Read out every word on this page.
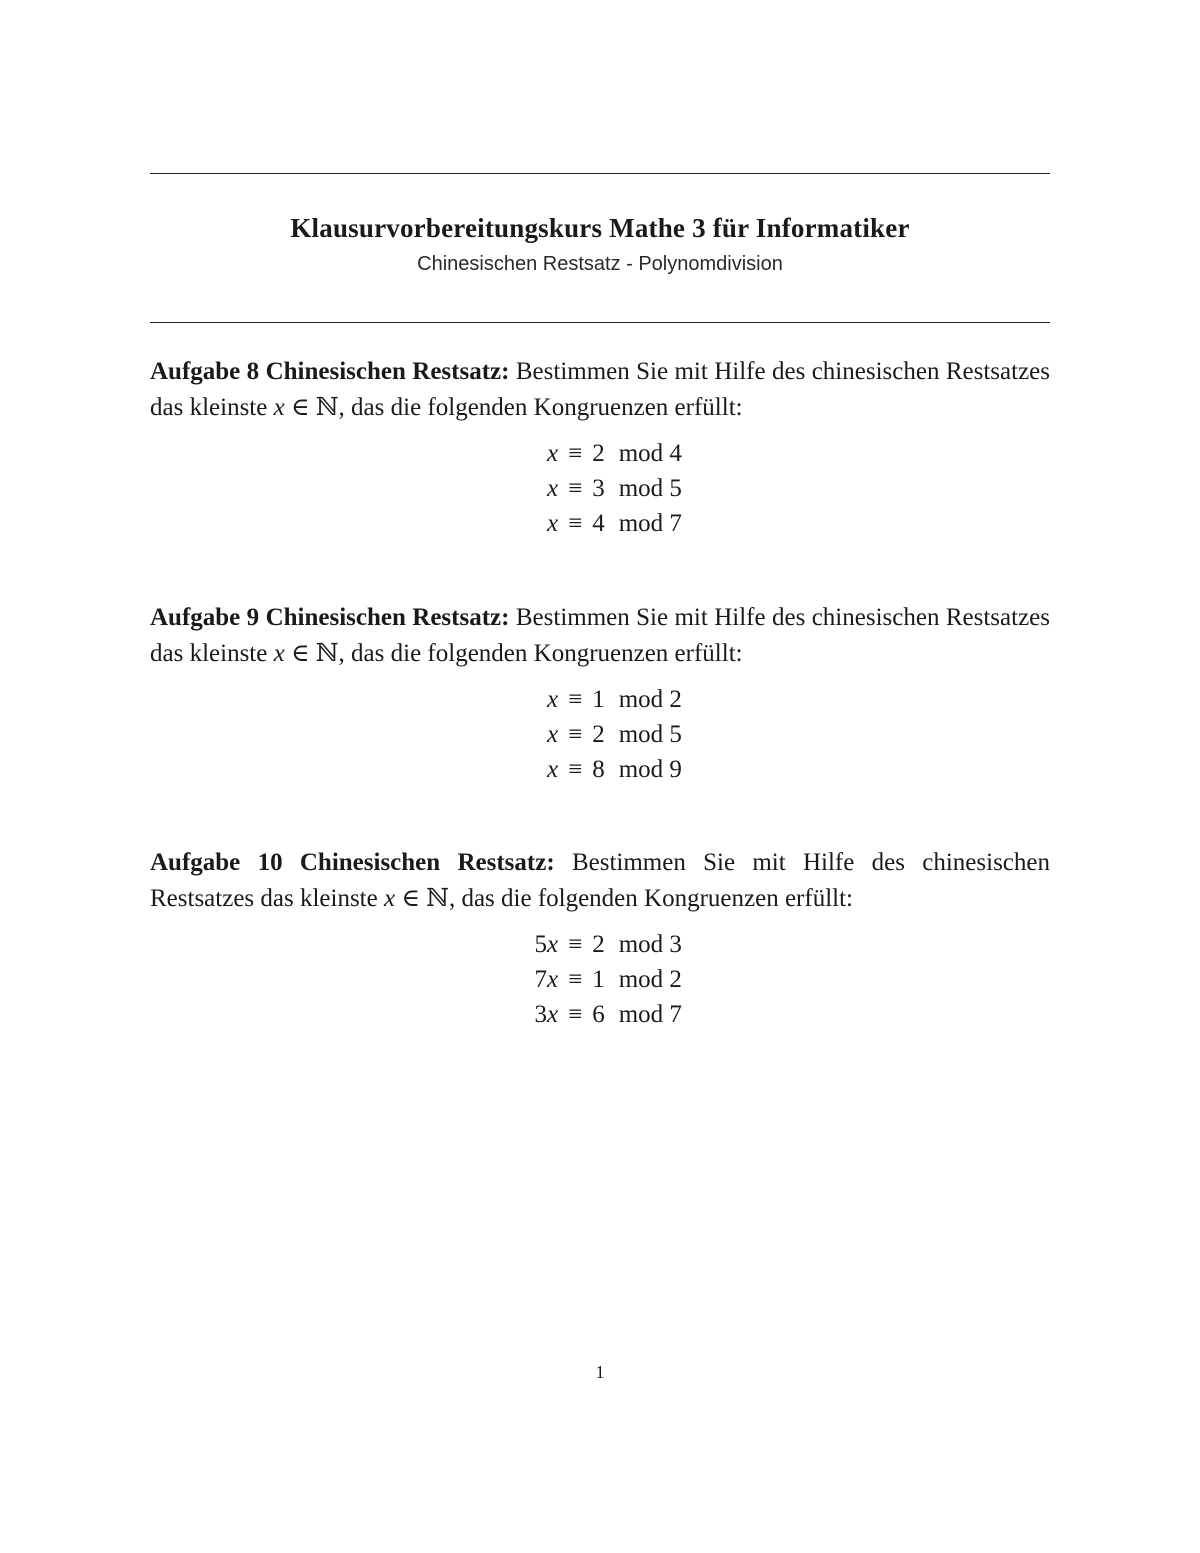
Klausurvorbereitungskurs Mathe 3 für Informatiker
Chinesischen Restsatz - Polynomdivision

Aufgabe 8 Chinesischen Restsatz: Bestimmen Sie mit Hilfe des chinesischen Restsatzes das kleinste x ∈ ℕ, das die folgenden Kongruenzen erfüllt:

x ≡ 2 mod 4
x ≡ 3 mod 5
x ≡ 4 mod 7

Aufgabe 9 Chinesischen Restsatz: Bestimmen Sie mit Hilfe des chinesischen Restsatzes das kleinste x ∈ ℕ, das die folgenden Kongruenzen erfüllt:

x ≡ 1 mod 2
x ≡ 2 mod 5
x ≡ 8 mod 9

Aufgabe 10 Chinesischen Restsatz: Bestimmen Sie mit Hilfe des chinesischen Restsatzes das kleinste x ∈ ℕ, das die folgenden Kongruenzen erfüllt:

5x ≡ 2 mod 3
7x ≡ 1 mod 2
3x ≡ 6 mod 7
1
